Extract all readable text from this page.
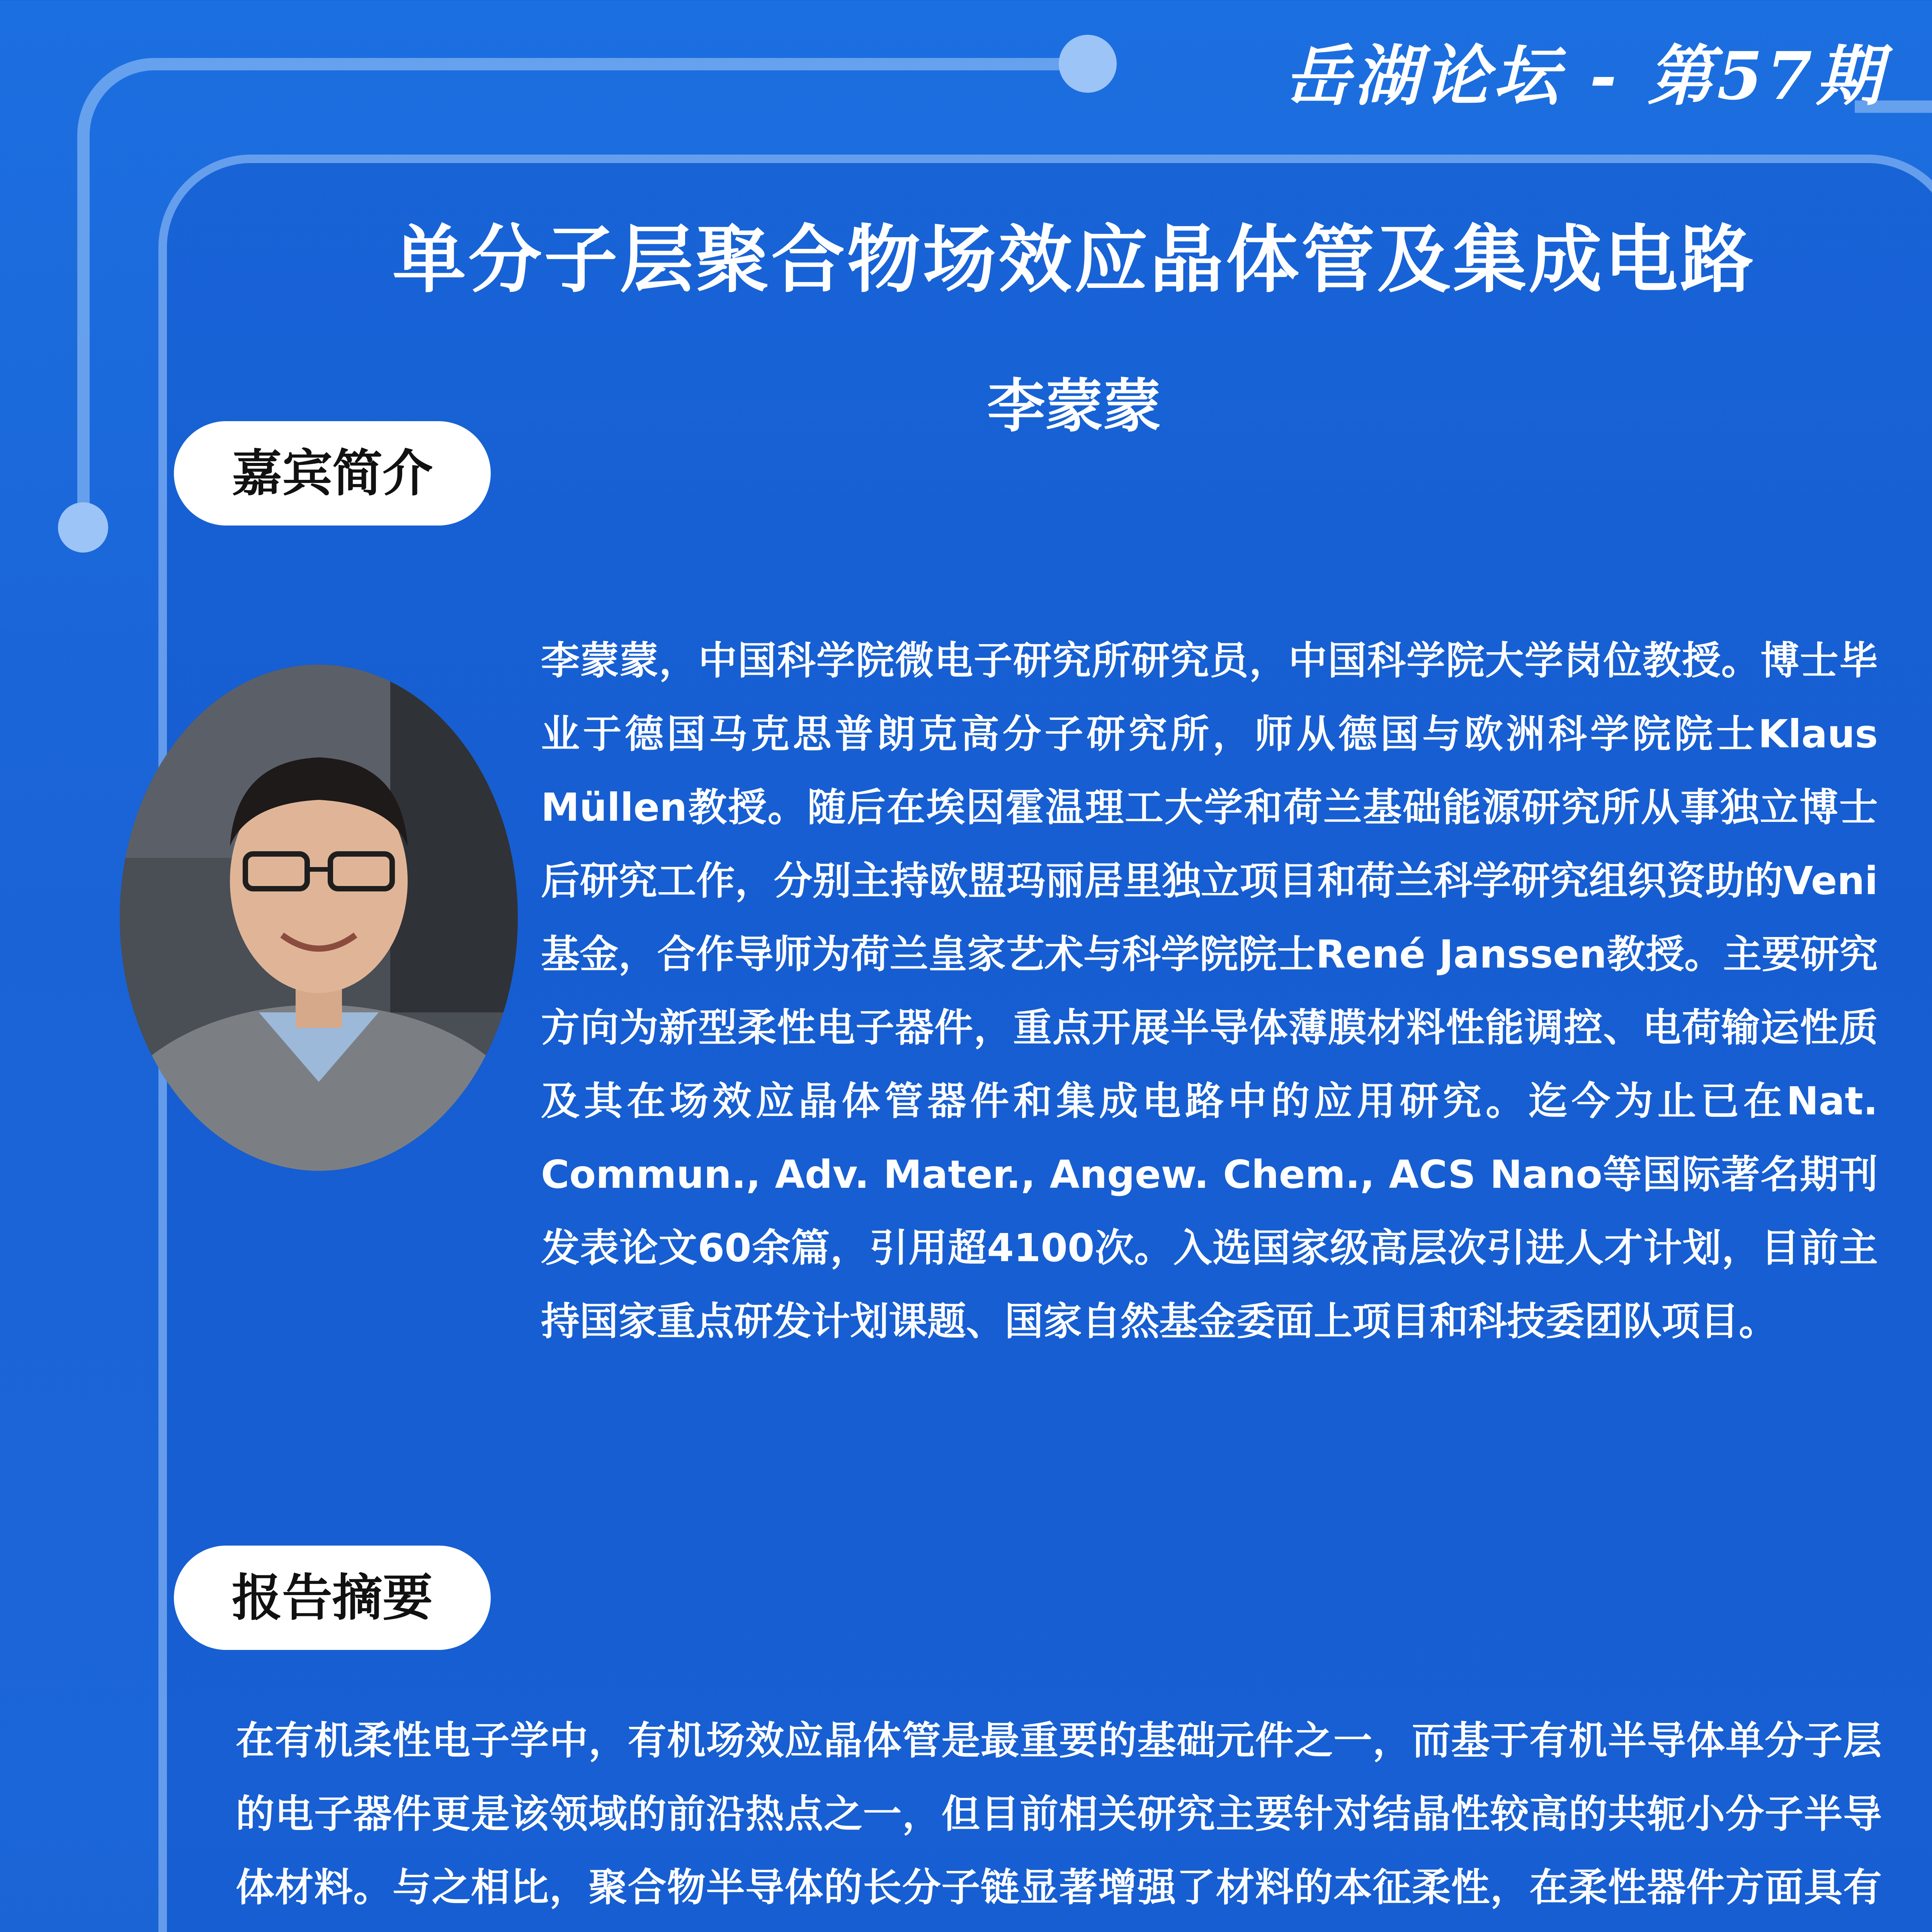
岳湖论坛 - 第57期
单分子层聚合物场效应晶体管及集成电路
李蒙蒙
嘉宾简介
李蒙蒙，中国科学院微电子研究所研究员，中国科学院大学岗位教授。博士毕业于德国马克思普朗克高分子研究所，师从德国与欧洲科学院院士Klaus Müllen教授。随后在埃因霍温理工大学和荷兰基础能源研究所从事独立博士后研究工作，分别主持欧盟玛丽居里独立项目和荷兰科学研究组织资助的Veni基金，合作导师为荷兰皇家艺术与科学院院士René Janssen教授。主要研究方向为新型柔性电子器件，重点开展半导体薄膜材料性能调控、电荷输运性质及其在场效应晶体管器件和集成电路中的应用研究。迄今为止已在Nat. Commun., Adv. Mater., Angew. Chem., ACS Nano等国际著名期刊发表论文60余篇，引用超4100次。入选国家级高层次引进人才计划，目前主持国家重点研发计划课题、国家自然基金委面上项目和科技委团队项目。
报告摘要
在有机柔性电子学中，有机场效应晶体管是最重要的基础元件之一，而基于有机半导体单分子层的电子器件更是该领域的前沿热点之一，但目前相关研究主要针对结晶性较高的共轭小分子半导体材料。与之相比，聚合物半导体的长分子链显著增强了材料的本征柔性，在柔性器件方面具有
